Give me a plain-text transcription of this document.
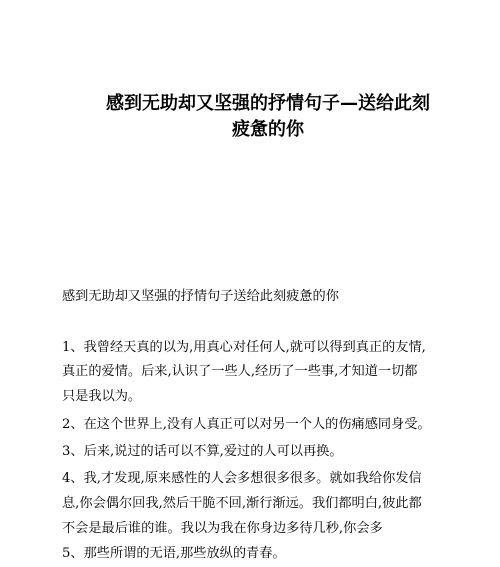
感到无助却又坚强的抒情句子—送给此刻
疲惫的你

感到无助却又坚强的抒情句子送给此刻疲惫的你

1、我曾经天真的以为,用真心对任何人,就可以得到真正的友情,

真正的爱情。后来,认识了一些人,经历了一些事,才知道一切都

只是我以为。

2、在这个世界上,没有人真正可以对另一个人的伤痛感同身受。

3、后来,说过的话可以不算,爱过的人可以再换。

4、我,才发现,原来感性的人会多想很多很多。就如我给你发信

息,你会偶尔回我,然后干脆不回,渐行渐远。我们都明白,彼此都

不会是最后谁的谁。我以为我在你身边多待几秒,你会多

5、那些所谓的无语,那些放纵的青春。
